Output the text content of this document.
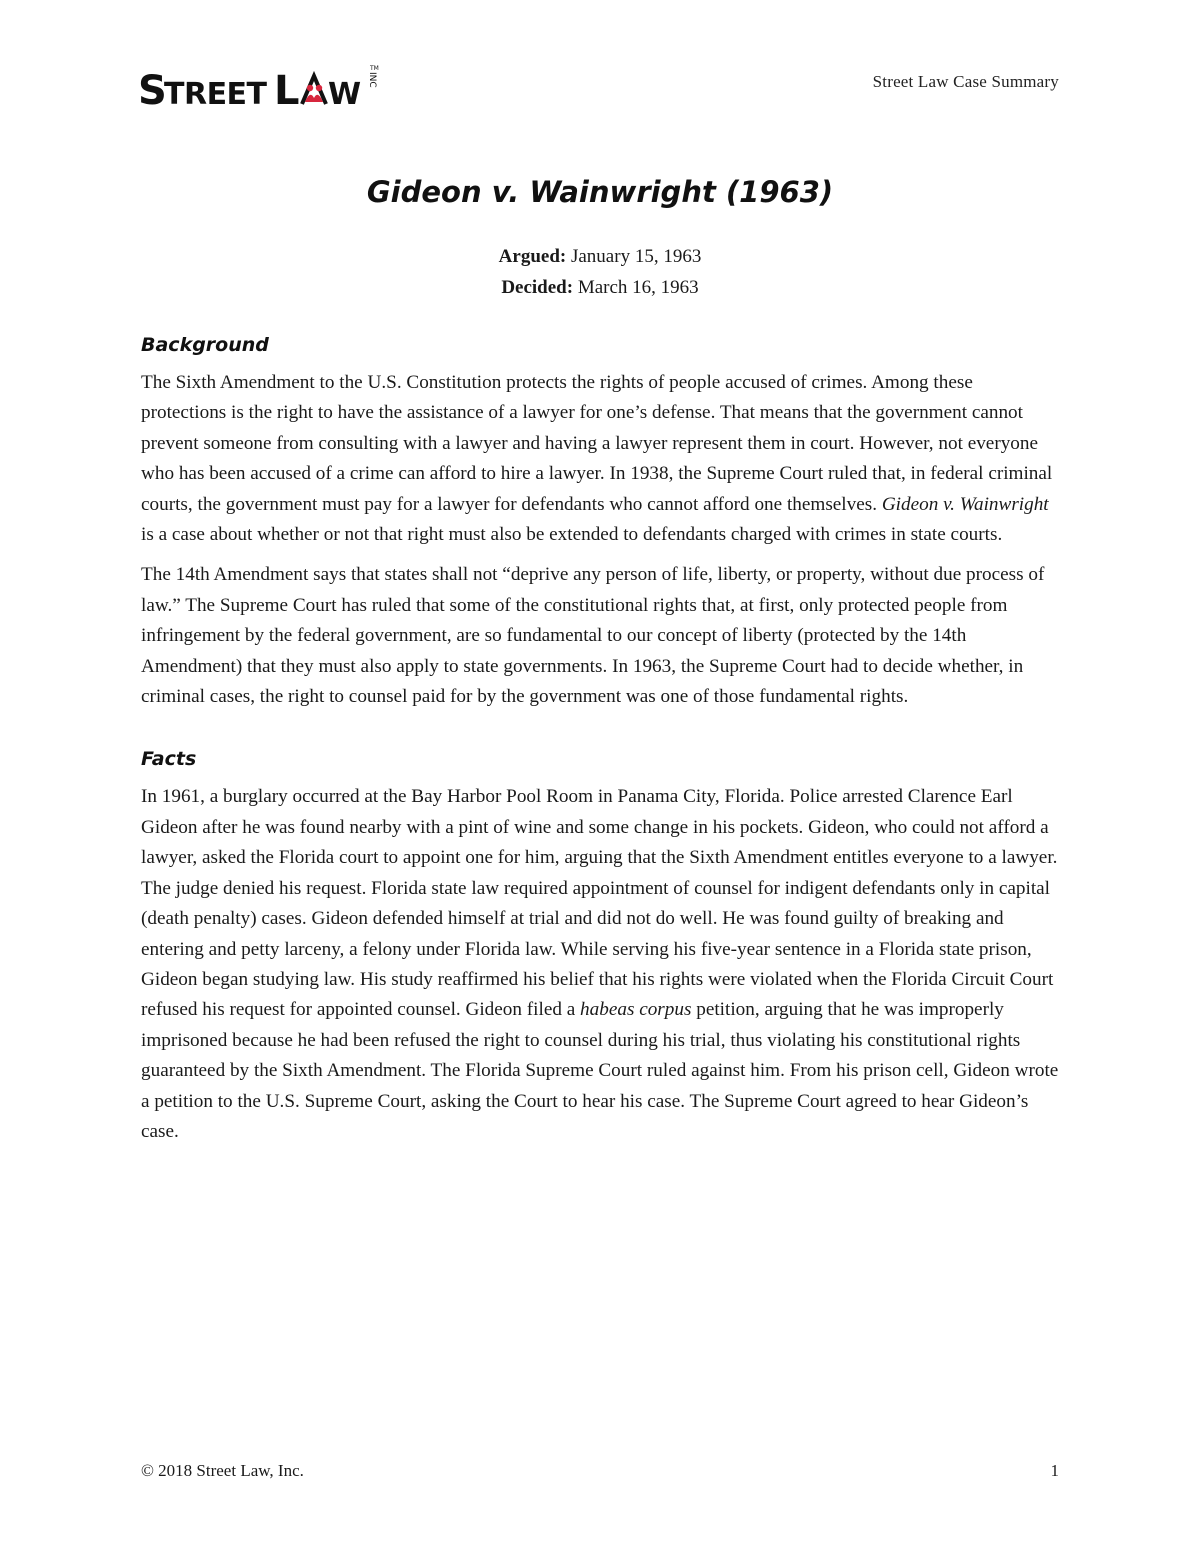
S
TREET L W INC
TM
Street Law Case Summary
Gideon v. Wainwright (1963)
Argued: January 15, 1963
Decided: March 16, 1963
Background

The Sixth Amendment to the U.S. Constitution protects the rights of people accused of crimes. Among these protections is the right to have the assistance of a lawyer for one’s defense. That means that the government cannot prevent someone from consulting with a lawyer and having a lawyer represent them in court. However, not everyone who has been accused of a crime can afford to hire a lawyer. In 1938, the Supreme Court ruled that, in federal criminal courts, the government must pay for a lawyer for defendants who cannot afford one themselves. Gideon v. Wainwright is a case about whether or not that right must also be extended to defendants charged with crimes in state courts.

The 14th Amendment says that states shall not “deprive any person of life, liberty, or property, without due process of law.” The Supreme Court has ruled that some of the constitutional rights that, at first, only protected people from infringement by the federal government, are so fundamental to our concept of liberty (protected by the 14th Amendment) that they must also apply to state governments. In 1963, the Supreme Court had to decide whether, in criminal cases, the right to counsel paid for by the government was one of those fundamental rights.

Facts

In 1961, a burglary occurred at the Bay Harbor Pool Room in Panama City, Florida. Police arrested Clarence Earl Gideon after he was found nearby with a pint of wine and some change in his pockets. Gideon, who could not afford a lawyer, asked the Florida court to appoint one for him, arguing that the Sixth Amendment entitles everyone to a lawyer. The judge denied his request. Florida state law required appointment of counsel for indigent defendants only in capital (death penalty) cases. Gideon defended himself at trial and did not do well. He was found guilty of breaking and entering and petty larceny, a felony under Florida law. While serving his five-year sentence in a Florida state prison, Gideon began studying law. His study reaffirmed his belief that his rights were violated when the Florida Circuit Court refused his request for appointed counsel. Gideon filed a habeas corpus petition, arguing that he was improperly imprisoned because he had been refused the right to counsel during his trial, thus violating his constitutional rights guaranteed by the Sixth Amendment. The Florida Supreme Court ruled against him. From his prison cell, Gideon wrote a petition to the U.S. Supreme Court, asking the Court to hear his case. The Supreme Court agreed to hear Gideon’s case.

© 2018 Street Law, Inc.	1
